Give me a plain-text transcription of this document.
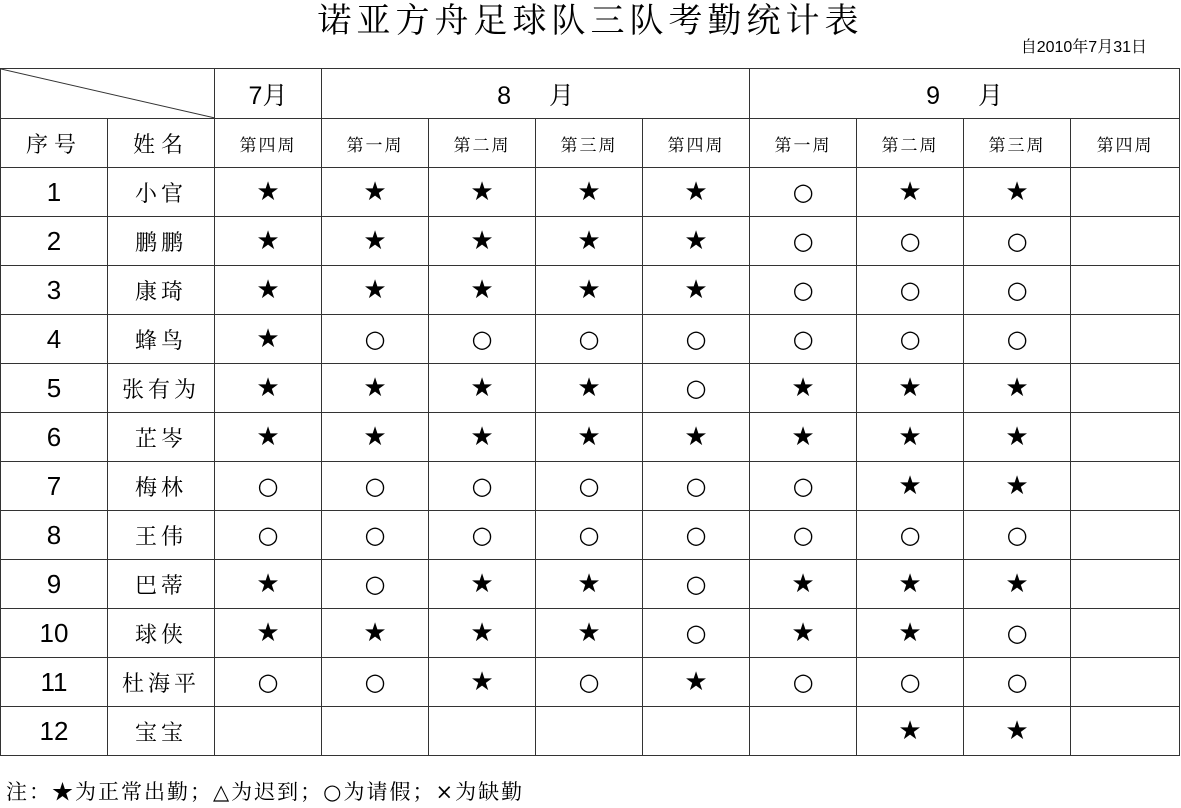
诺亚方舟足球队三队考勤统计表
自2010年7月31日
	7月	8 月				9 月			
序号	姓名	第四周	第一周	第二周	第三周	第四周	第一周	第二周	第三周	第四周
1	小官	★	★	★	★	★	○	★	★	
2	鹏鹏	★	★	★	★	★	○	○	○	
3	康琦	★	★	★	★	★	○	○	○	
4	蜂鸟	★	○	○	○	○	○	○	○	
5	张有为	★	★	★	★	○	★	★	★	
6	芷岑	★	★	★	★	★	★	★	★	
7	梅林	○	○	○	○	○	○	★	★	
8	王伟	○	○	○	○	○	○	○	○	
9	巴蒂	★	○	★	★	○	★	★	★	
10	球侠	★	★	★	★	○	★	★	○	
11	杜海平	○	○	★	○	★	○	○	○	
12	宝宝							★	★	
注：★为正常出勤；△为迟到；○为请假；×为缺勤
